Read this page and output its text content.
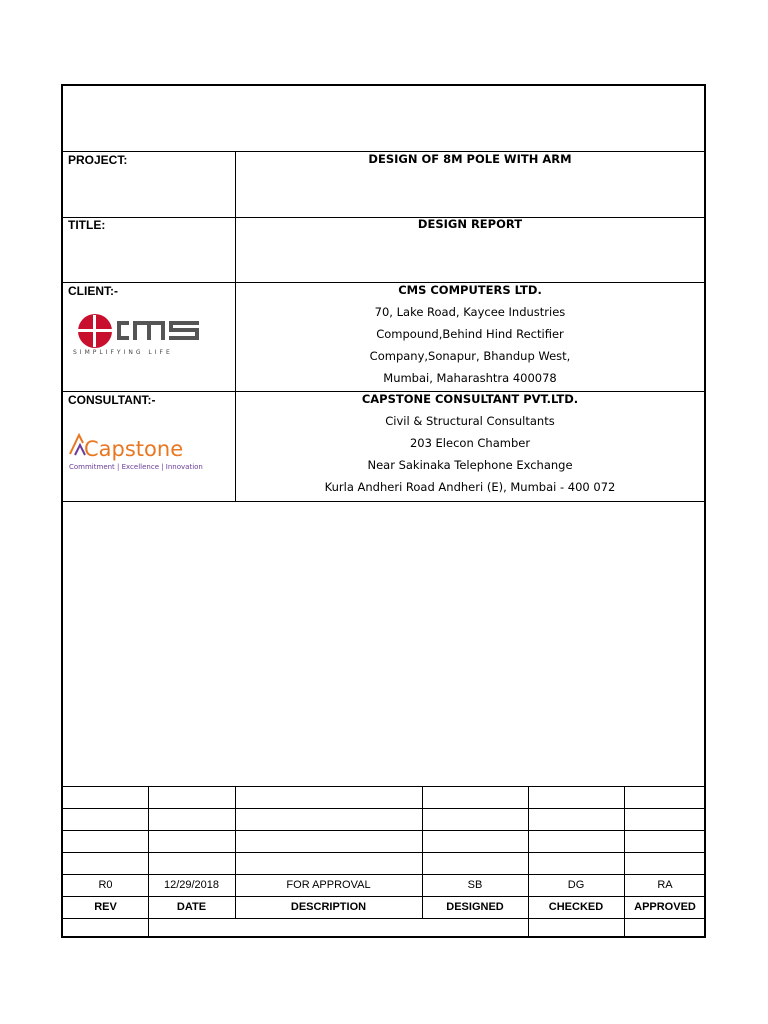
PROJECT:	DESIGN OF 8M POLE WITH ARM
TITLE:	DESIGN REPORT
CLIENT:-	CMS COMPUTERS LTD.
70, Lake Road, Kaycee Industries
Compound,Behind Hind Rectifier
Company,Sonapur, Bhandup West,
Mumbai, Maharashtra 400078
SIMPLIFYING LIFE
CONSULTANT:-	CAPSTONE CONSULTANT PVT.LTD.
Civil & Structural Consultants
203 Elecon Chamber
Near Sakinaka Telephone Exchange
Kurla Andheri Road Andheri (E), Mumbai - 400 072
Capstone
Commitment | Excellence | Innovation
R0	12/29/2018	FOR APPROVAL	SB	DG	RA
REV	DATE	DESCRIPTION	DESIGNED	CHECKED	APPROVED
